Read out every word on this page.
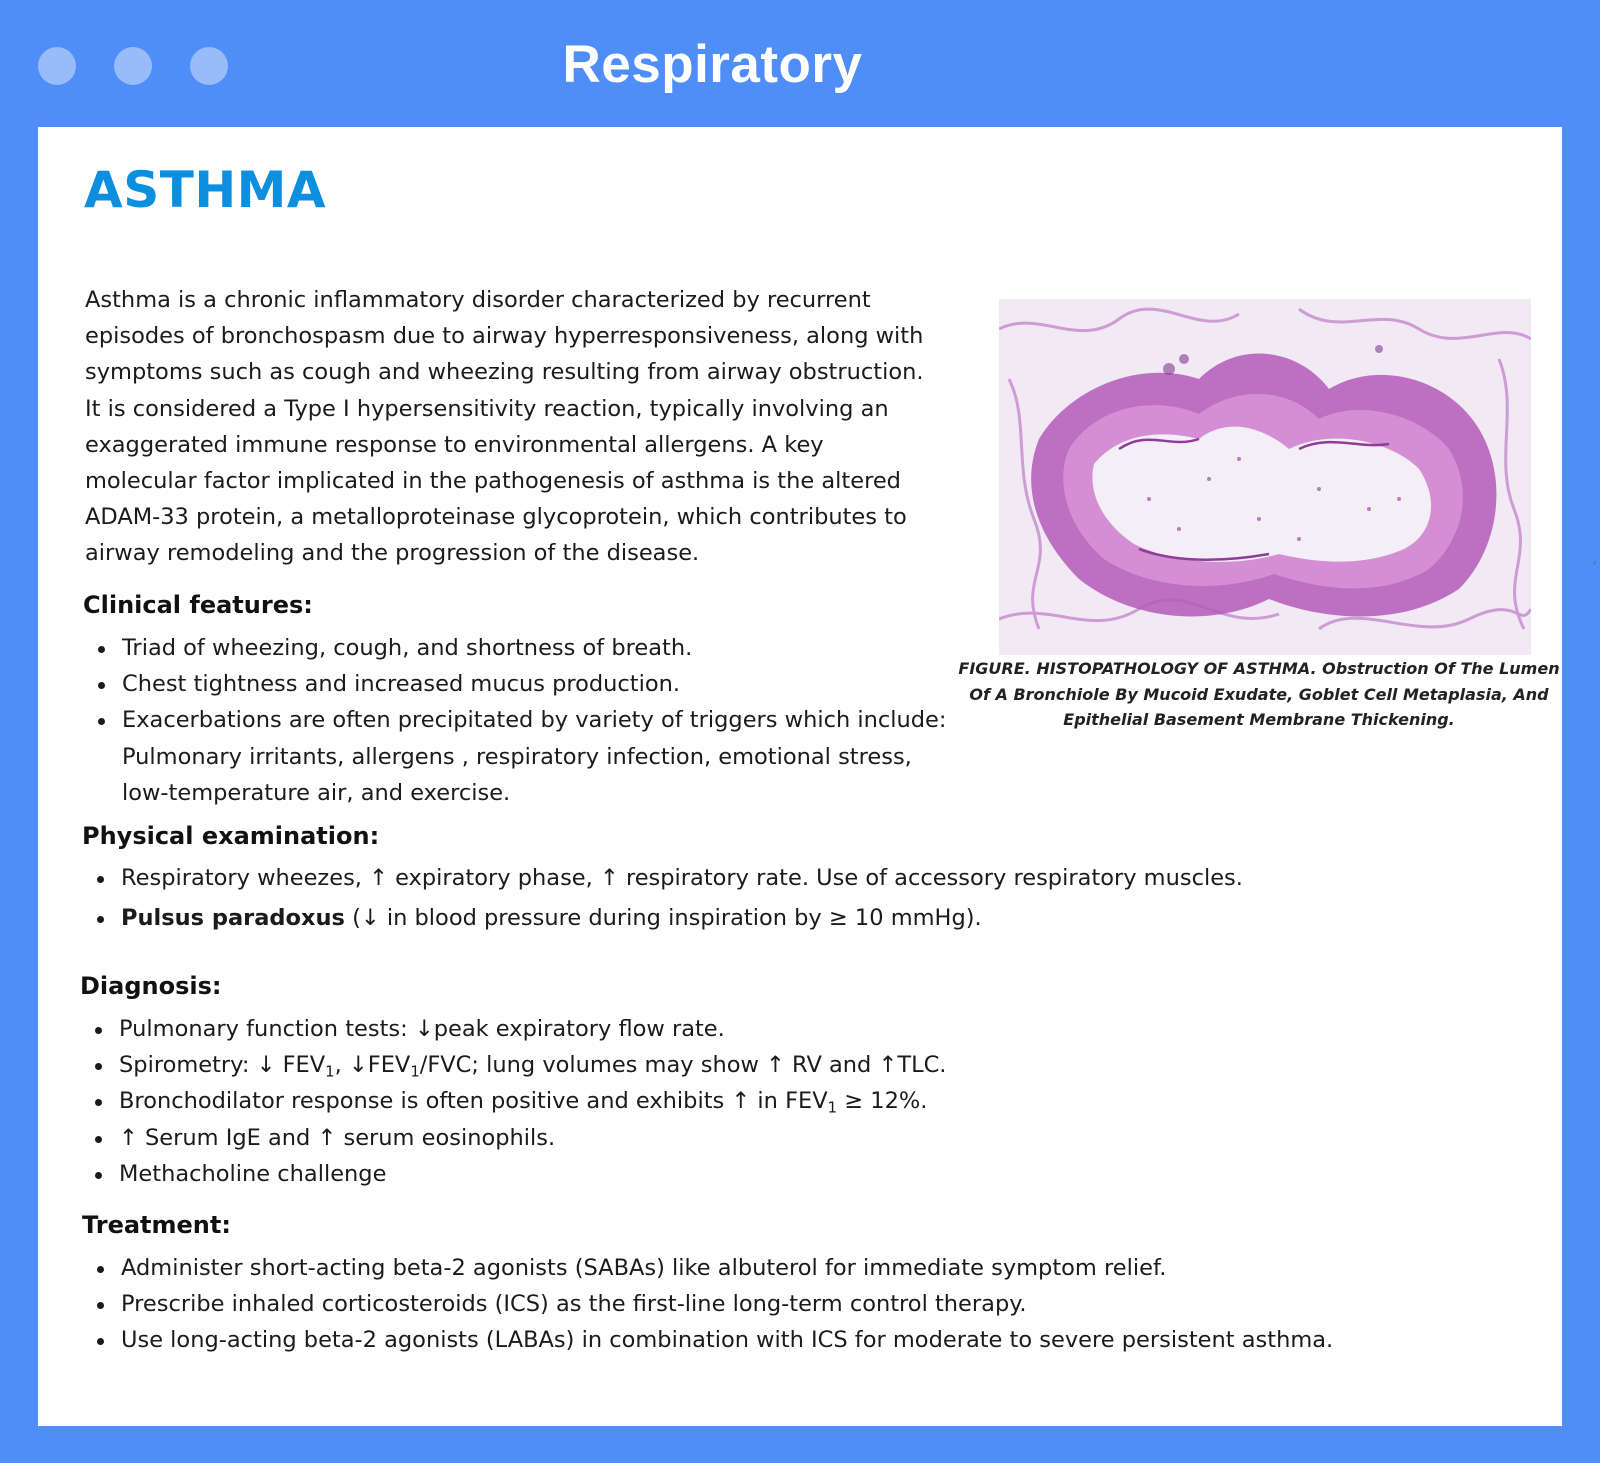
Respiratory
ASTHMA

Asthma is a chronic inflammatory disorder characterized by recurrent episodes of bronchospasm due to airway hyperresponsiveness, along with symptoms such as cough and wheezing resulting from airway obstruction. It is considered a Type I hypersensitivity reaction, typically involving an exaggerated immune response to environmental allergens. A key molecular factor implicated in the pathogenesis of asthma is the altered ADAM-33 protein, a metalloproteinase glycoprotein, which contributes to airway remodeling and the progression of the disease.

FIGURE. HISTOPATHOLOGY OF ASTHMA. Obstruction Of The Lumen Of A Bronchiole By Mucoid Exudate, Goblet Cell Metaplasia, And Epithelial Basement Membrane Thickening.

'
Clinical features:
Triad of wheezing, cough, and shortness of breath.
Chest tightness and increased mucus production.
Exacerbations are often precipitated by variety of triggers which include: Pulmonary irritants, allergens , respiratory infection, emotional stress, low-temperature air, and exercise.
Physical examination:
Respiratory wheezes, ↑ expiratory phase, ↑ respiratory rate. Use of accessory respiratory muscles.
Pulsus paradoxus (↓ in blood pressure during inspiration by ≥ 10 mmHg).
Diagnosis:
Pulmonary function tests: ↓peak expiratory flow rate.
Spirometry: ↓ $FEV_1$, $↓FEV_1$/FVC; lung volumes may show ↑ RV and ↑TLC.
Bronchodilator response is often positive and exhibits ↑ in $FEV_1 \ge 12\%$.
↑ Serum IgE and ↑ serum eosinophils.
Methacholine challenge
Treatment:
Administer short-acting beta-2 agonists (SABAs) like albuterol for immediate symptom relief.
Prescribe inhaled corticosteroids (ICS) as the first-line long-term control therapy.
Use long-acting beta-2 agonists (LABAs) in combination with ICS for moderate to severe persistent asthma.
